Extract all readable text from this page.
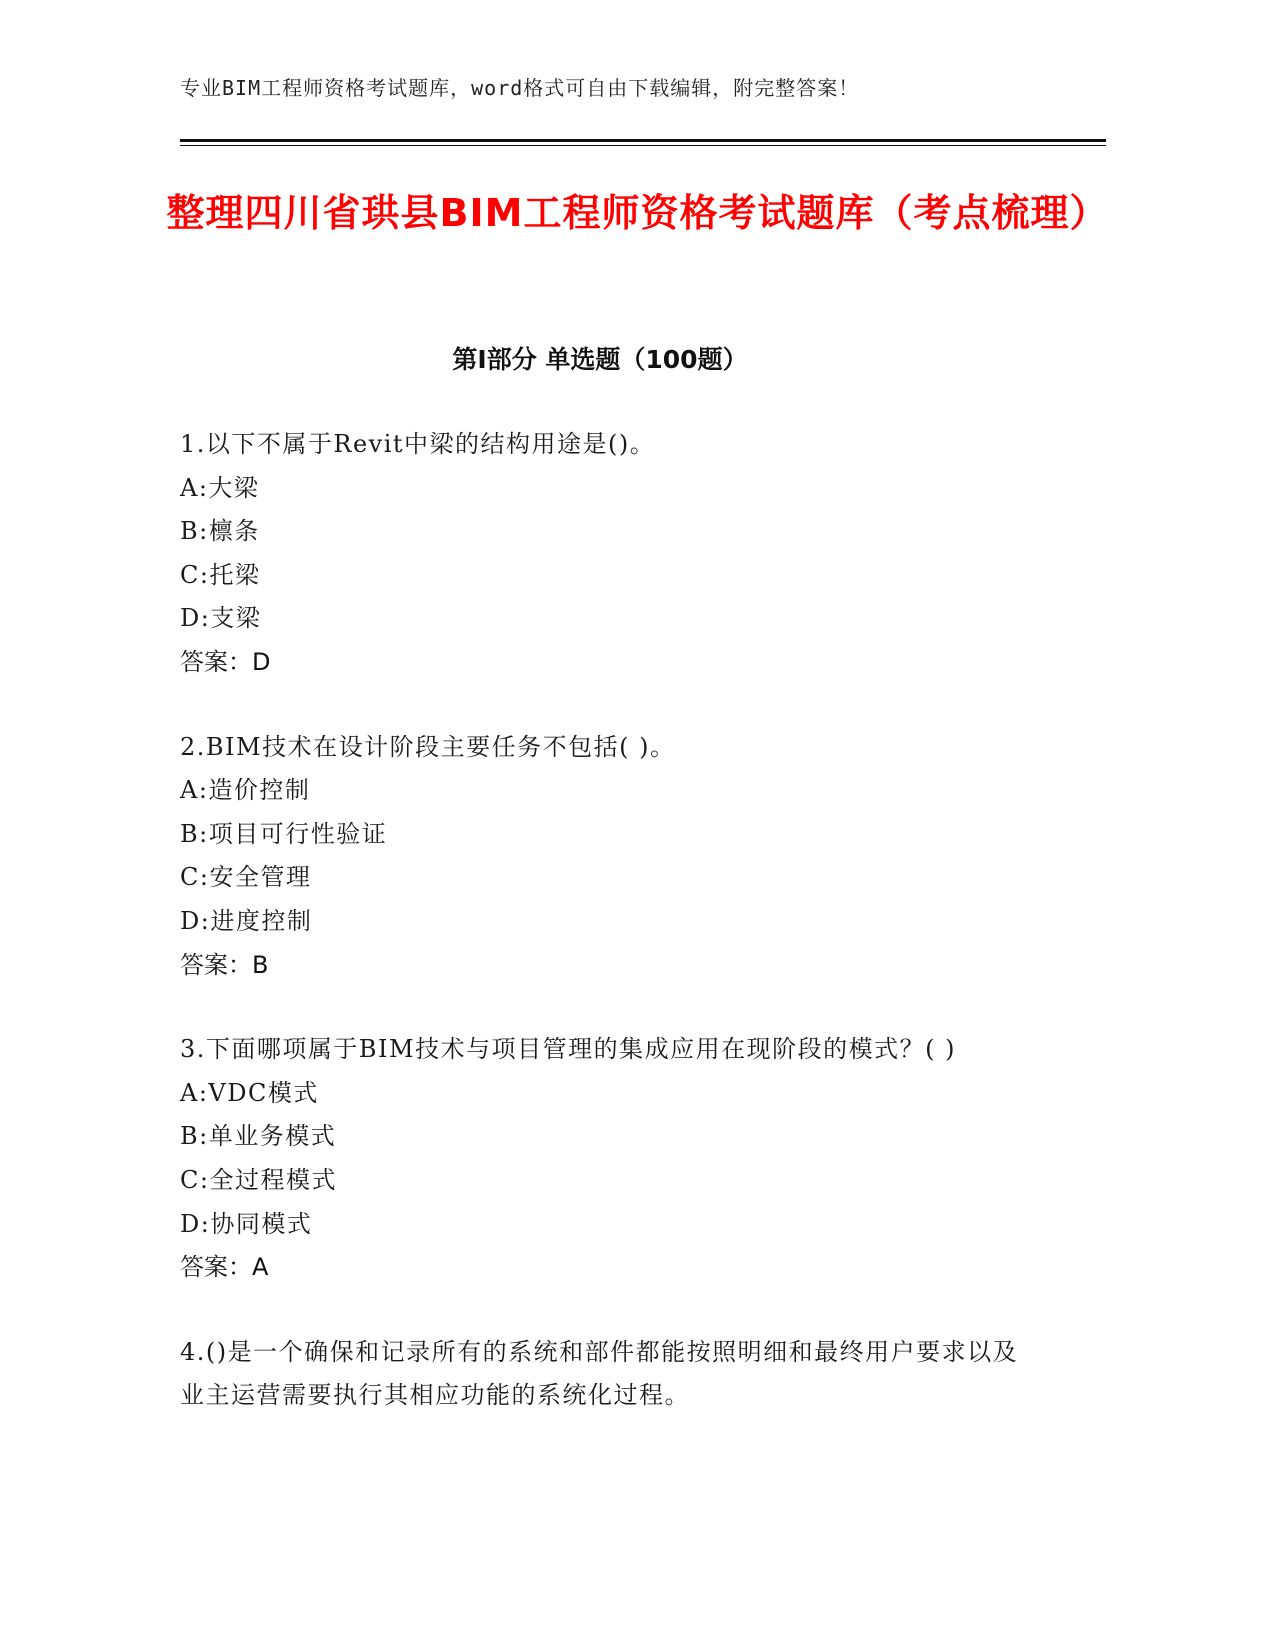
专业BIM工程师资格考试题库，word格式可自由下载编辑，附完整答案！
整理四川省珙县BIM工程师资格考试题库（考点梳理）
第I部分 单选题（100题）
1.以下不属于Revit中梁的结构用途是()。
A:大梁
B:檩条
C:托梁
D:支梁
答案：D
2.BIM技术在设计阶段主要任务不包括( )。
A:造价控制
B:项目可行性验证
C:安全管理
D:进度控制
答案：B
3.下面哪项属于BIM技术与项目管理的集成应用在现阶段的模式？( )
A:VDC模式
B:单业务模式
C:全过程模式
D:协同模式
答案：A
4.()是一个确保和记录所有的系统和部件都能按照明细和最终用户要求以及业主运营需要执行其相应功能的系统化过程。
